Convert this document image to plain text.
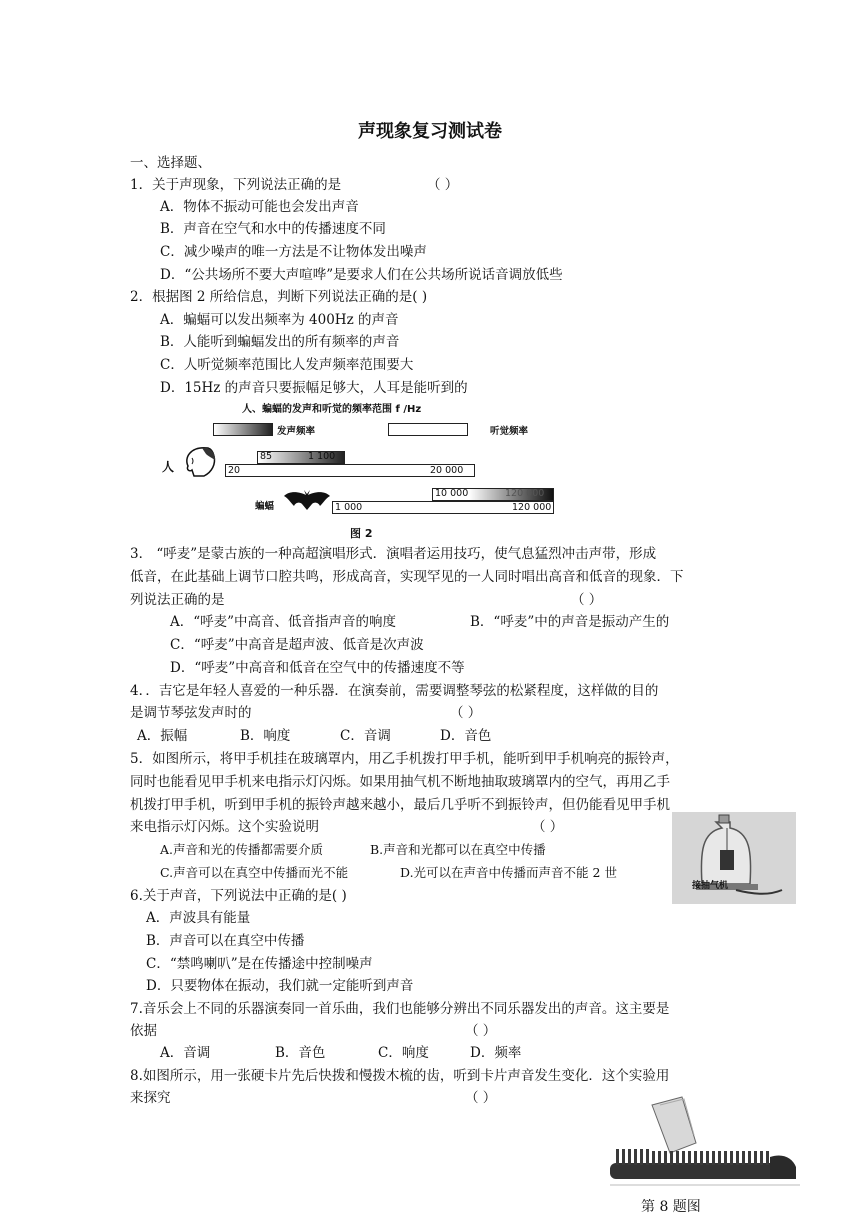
声现象复习测试卷
一、选择题、
1．关于声现象，下列说法正确的是	（ ）
A．物体不振动可能也会发出声音
B．声音在空气和水中的传播速度不同
C．减少噪声的唯一方法是不让物体发出噪声
D．“公共场所不要大声喧哗”是要求人们在公共场所说话音调放低些
2．根据图 2 所给信息，判断下列说法正确的是( )
A．蝙蝠可以发出频率为 400Hz 的声音
B．人能听到蝙蝠发出的所有频率的声音
C．人听觉频率范围比人发声频率范围要大
D．15Hz 的声音只要振幅足够大，人耳是能听到的
人、蝙蝠的发声和听觉的频率范围 f /Hz
发声频率	听觉频率
人
85	1 100
20	20 000
蝙蝠
10 000	120 000
1 000	120 000
图 2
3． “呼麦”是蒙古族的一种高超演唱形式．演唱者运用技巧，使气息猛烈冲击声带，形成
低音，在此基础上调节口腔共鸣，形成高音，实现罕见的一人同时唱出高音和低音的现象．下
列说法正确的是	（ ）
A．“呼麦”中高音、低音指声音的响度	B．“呼麦”中的声音是振动产生的
C．“呼麦”中高音是超声波、低音是次声波
D．“呼麦”中高音和低音在空气中的传播速度不等
4．．吉它是年轻人喜爱的一种乐器．在演奏前，需要调整琴弦的松紧程度，这样做的目的
是调节琴弦发声时的	（ ）
A．振幅	B．响度	C．音调	D．音色
5．如图所示，将甲手机挂在玻璃罩内，用乙手机拨打甲手机，能听到甲手机响亮的振铃声，
同时也能看见甲手机来电指示灯闪烁。如果用抽气机不断地抽取玻璃罩内的空气，再用乙手
机拨打甲手机，听到甲手机的振铃声越来越小，最后几乎听不到振铃声，但仍能看见甲手机
来电指示灯闪烁。这个实验说明	（ ）
A.声音和光的传播都需要介质	B.声音和光都可以在真空中传播
C.声音可以在真空中传播而光不能	D.光可以在声音中传播而声音不能 2 世
接抽气机
6.关于声音，下列说法中正确的是( )
A．声波具有能量
B．声音可以在真空中传播
C．“禁鸣喇叭”是在传播途中控制噪声
D．只要物体在振动，我们就一定能听到声音
7.音乐会上不同的乐器演奏同一首乐曲，我们也能够分辨出不同乐器发出的声音。这主要是
依据	（ ）
A．音调	B．音色	C．响度	D．频率
8.如图所示，用一张硬卡片先后快拨和慢拨木梳的齿，听到卡片声音发生变化．这个实验用
来探究	（ ）
第 8 题图
